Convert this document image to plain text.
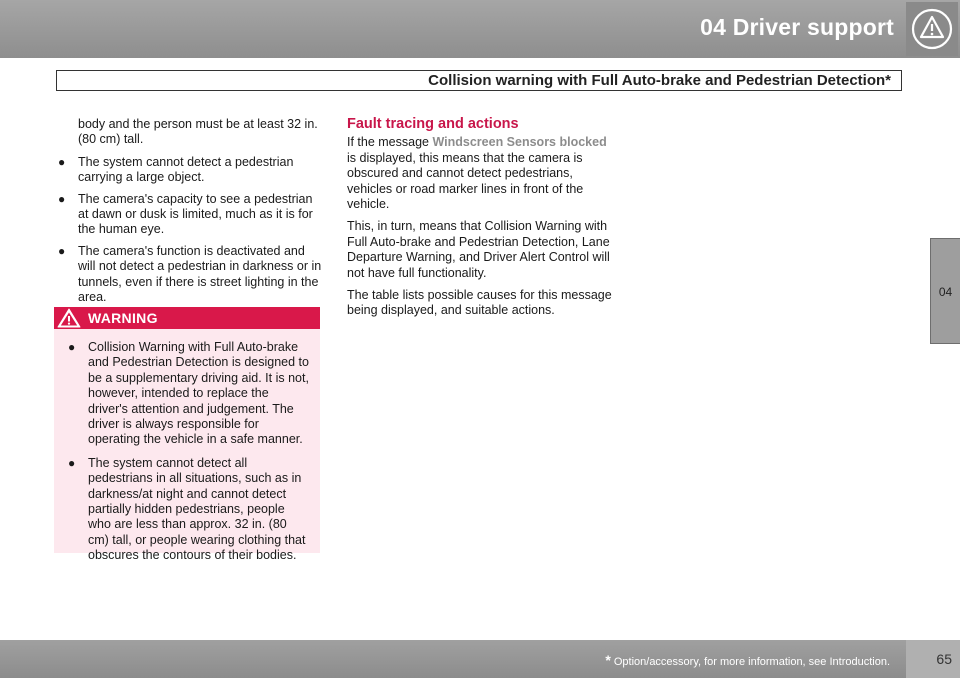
04 Driver support
Collision warning with Full Auto-brake and Pedestrian Detection*
04

body and the person must be at least 32 in. (80 cm) tall.

● The system cannot detect a pedestrian carrying a large object.
● The camera's capacity to see a pedestrian at dawn or dusk is limited, much as it is for the human eye.
● The camera's function is deactivated and will not detect a pedestrian in darkness or in tunnels, even if there is street lighting in the area.
WARNING
● Collision Warning with Full Auto-brake and Pedestrian Detection is designed to be a supplementary driving aid. It is not, however, intended to replace the driver's attention and judgement. The driver is always responsible for operating the vehicle in a safe manner.
● The system cannot detect all pedestrians in all situations, such as in darkness/at night and cannot detect partially hidden pedestrians, people who are less than approx. 32 in. (80 cm) tall, or people wearing clothing that obscures the contours of their bodies.
Fault tracing and actions

If the message Windscreen Sensors blocked is displayed, this means that the camera is obscured and cannot detect pedestrians, vehicles or road marker lines in front of the vehicle.

This, in turn, means that Collision Warning with Full Auto-brake and Pedestrian Detection, Lane Departure Warning, and Driver Alert Control will not have full functionality.

The table lists possible causes for this message being displayed, and suitable actions.

* Option/accessory, for more information, see Introduction.	65
